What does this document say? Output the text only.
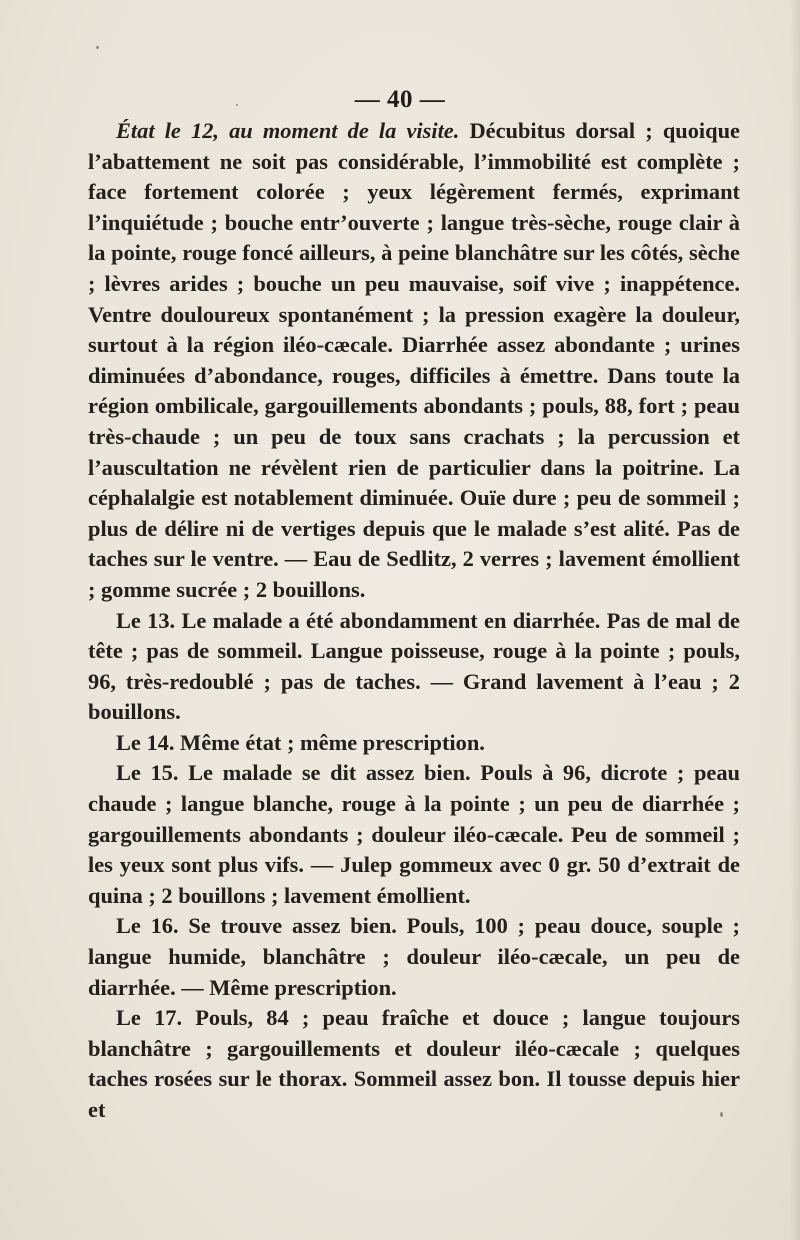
— 40 —

État le 12, au moment de la visite. Décubitus dorsal ; quoique l’abattement ne soit pas considérable, l’immobilité est complète ; face fortement colorée ; yeux légèrement fermés, exprimant l’inquiétude ; bouche entr’ouverte ; langue très-sèche, rouge clair à la pointe, rouge foncé ailleurs, à peine blanchâtre sur les côtés, sèche ; lèvres arides ; bouche un peu mauvaise, soif vive ; inappétence. Ventre douloureux spontanément ; la pression exagère la douleur, surtout à la région iléo-cæcale. Diarrhée assez abondante ; urines diminuées d’abondance, rouges, difficiles à émettre. Dans toute la région ombilicale, gargouillements abondants ; pouls, 88, fort ; peau très-chaude ; un peu de toux sans crachats ; la percussion et l’auscultation ne révèlent rien de particulier dans la poitrine. La céphalalgie est notablement diminuée. Ouïe dure ; peu de sommeil ; plus de délire ni de vertiges depuis que le malade s’est alité. Pas de taches sur le ventre. — Eau de Sedlitz, 2 verres ; lavement émollient ; gomme sucrée ; 2 bouillons.

Le 13. Le malade a été abondamment en diarrhée. Pas de mal de tête ; pas de sommeil. Langue poisseuse, rouge à la pointe ; pouls, 96, très-redoublé ; pas de taches. — Grand lavement à l’eau ; 2 bouillons.

Le 14. Même état ; même prescription.

Le 15. Le malade se dit assez bien. Pouls à 96, dicrote ; peau chaude ; langue blanche, rouge à la pointe ; un peu de diarrhée ; gargouillements abondants ; douleur iléo-cæcale. Peu de sommeil ; les yeux sont plus vifs. — Julep gommeux avec 0 gr. 50 d’extrait de quina ; 2 bouillons ; lavement émollient.

Le 16. Se trouve assez bien. Pouls, 100 ; peau douce, souple ; langue humide, blanchâtre ; douleur iléo-cæcale, un peu de diarrhée. — Même prescription.

Le 17. Pouls, 84 ; peau fraîche et douce ; langue toujours blanchâtre ; gargouillements et douleur iléo-cæcale ; quelques taches rosées sur le thorax. Sommeil assez bon. Il tousse depuis hier et
